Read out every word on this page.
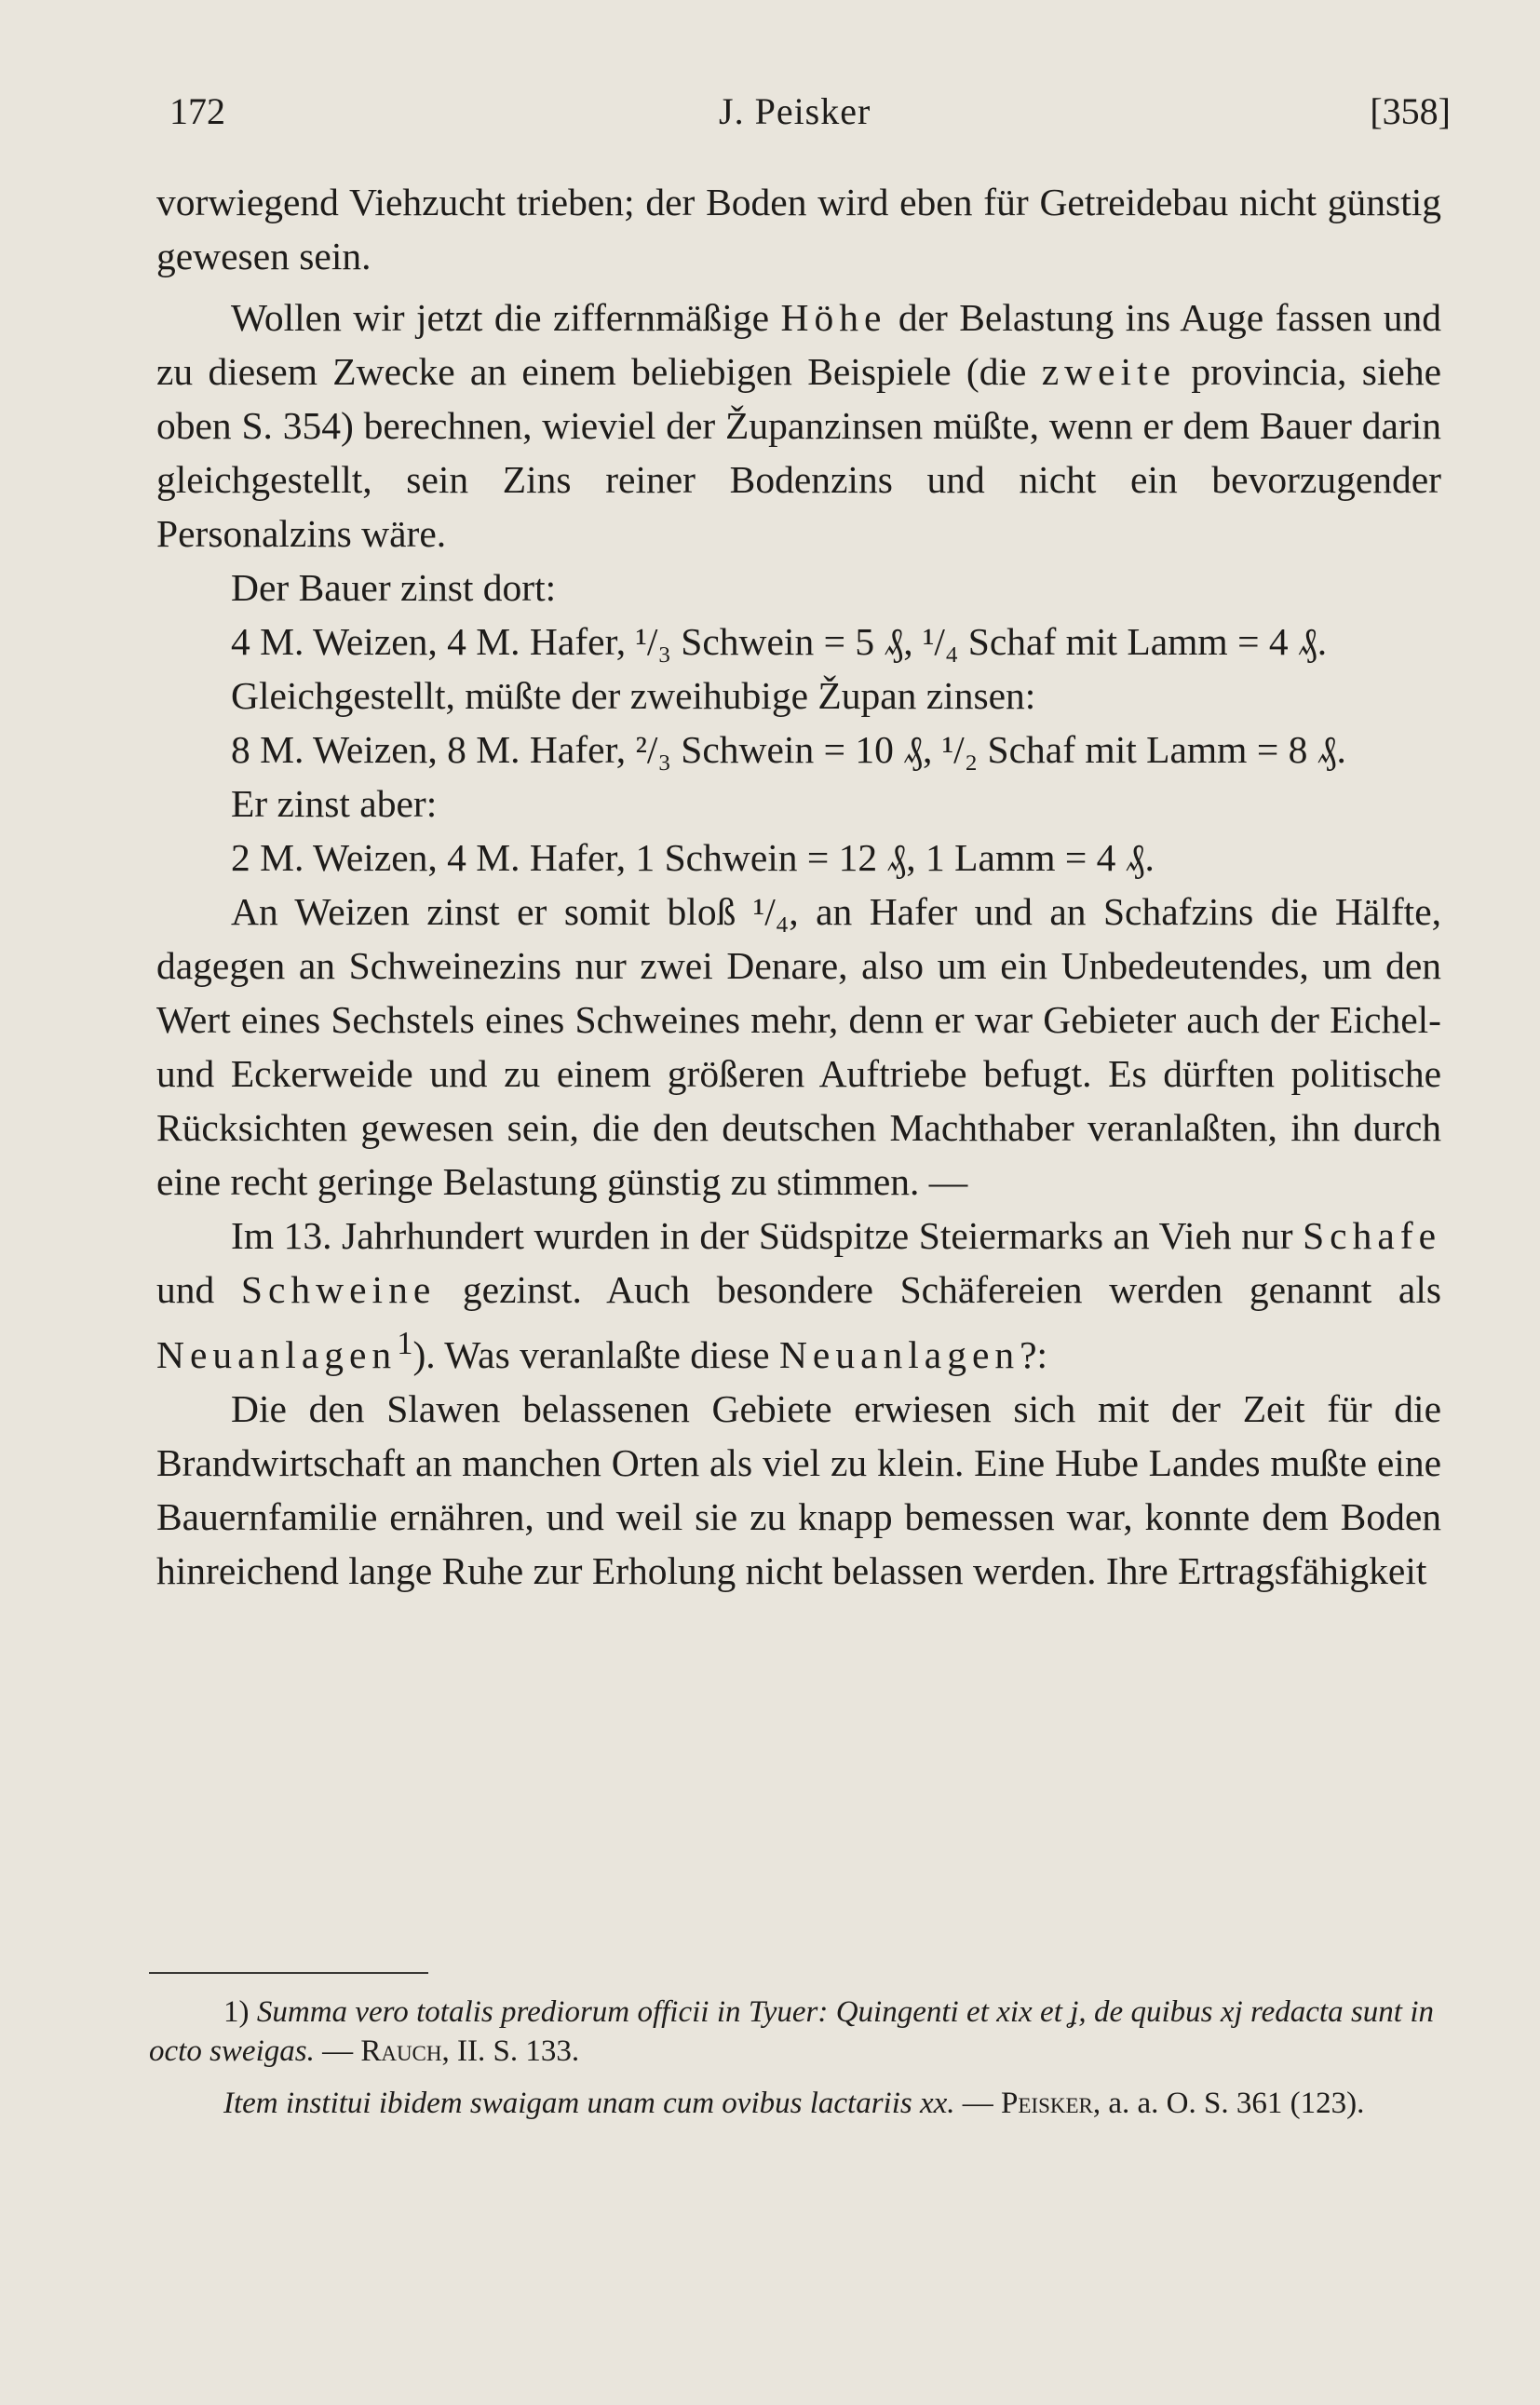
172	J. Peisker	[358]

vorwiegend Viehzucht trieben; der Boden wird eben für Getreidebau nicht günstig gewesen sein.

Wollen wir jetzt die ziffernmäßige Höhe der Belastung ins Auge fassen und zu diesem Zwecke an einem beliebigen Beispiele (die zweite provincia, siehe oben S. 354) berechnen, wieviel der Županzinsen müßte, wenn er dem Bauer darin gleichgestellt, sein Zins reiner Bodenzins und nicht ein bevorzugender Personalzins wäre.

Der Bauer zinst dort:

4 M. Weizen, 4 M. Hafer, ¹/₃ Schwein = 5 ₰, ¹/₄ Schaf mit Lamm = 4 ₰.

Gleichgestellt, müßte der zweihubige Župan zinsen:

8 M. Weizen, 8 M. Hafer, ²/₃ Schwein = 10 ₰, ¹/₂ Schaf mit Lamm = 8 ₰.

Er zinst aber:

2 M. Weizen, 4 M. Hafer, 1 Schwein = 12 ₰, 1 Lamm = 4 ₰.

An Weizen zinst er somit bloß ¹/₄, an Hafer und an Schafzins die Hälfte, dagegen an Schweinezins nur zwei Denare, also um ein Unbedeutendes, um den Wert eines Sechstels eines Schweines mehr, denn er war Gebieter auch der Eichel- und Eckerweide und zu einem größeren Auftriebe befugt. Es dürften politische Rücksichten gewesen sein, die den deutschen Machthaber veranlaßten, ihn durch eine recht geringe Belastung günstig zu stimmen. —

Im 13. Jahrhundert wurden in der Südspitze Steiermarks an Vieh nur Schafe und Schweine gezinst. Auch besondere Schäfereien werden genannt als Neuanlagen$^1$). Was veranlaßte diese Neuanlagen?:

Die den Slawen belassenen Gebiete erwiesen sich mit der Zeit für die Brandwirtschaft an manchen Orten als viel zu klein. Eine Hube Landes mußte eine Bauernfamilie ernähren, und weil sie zu knapp bemessen war, konnte dem Boden hinreichend lange Ruhe zur Erholung nicht belassen werden. Ihre Ertragsfähigkeit

1) Summa vero totalis prediorum officii in Tyuer: Quingenti et xix et ʝ, de quibus xj redacta sunt in octo sweigas. — Rauch, II. S. 133.

Item institui ibidem swaigam unam cum ovibus lactariis xx. — Peisker, a. a. O. S. 361 (123).
